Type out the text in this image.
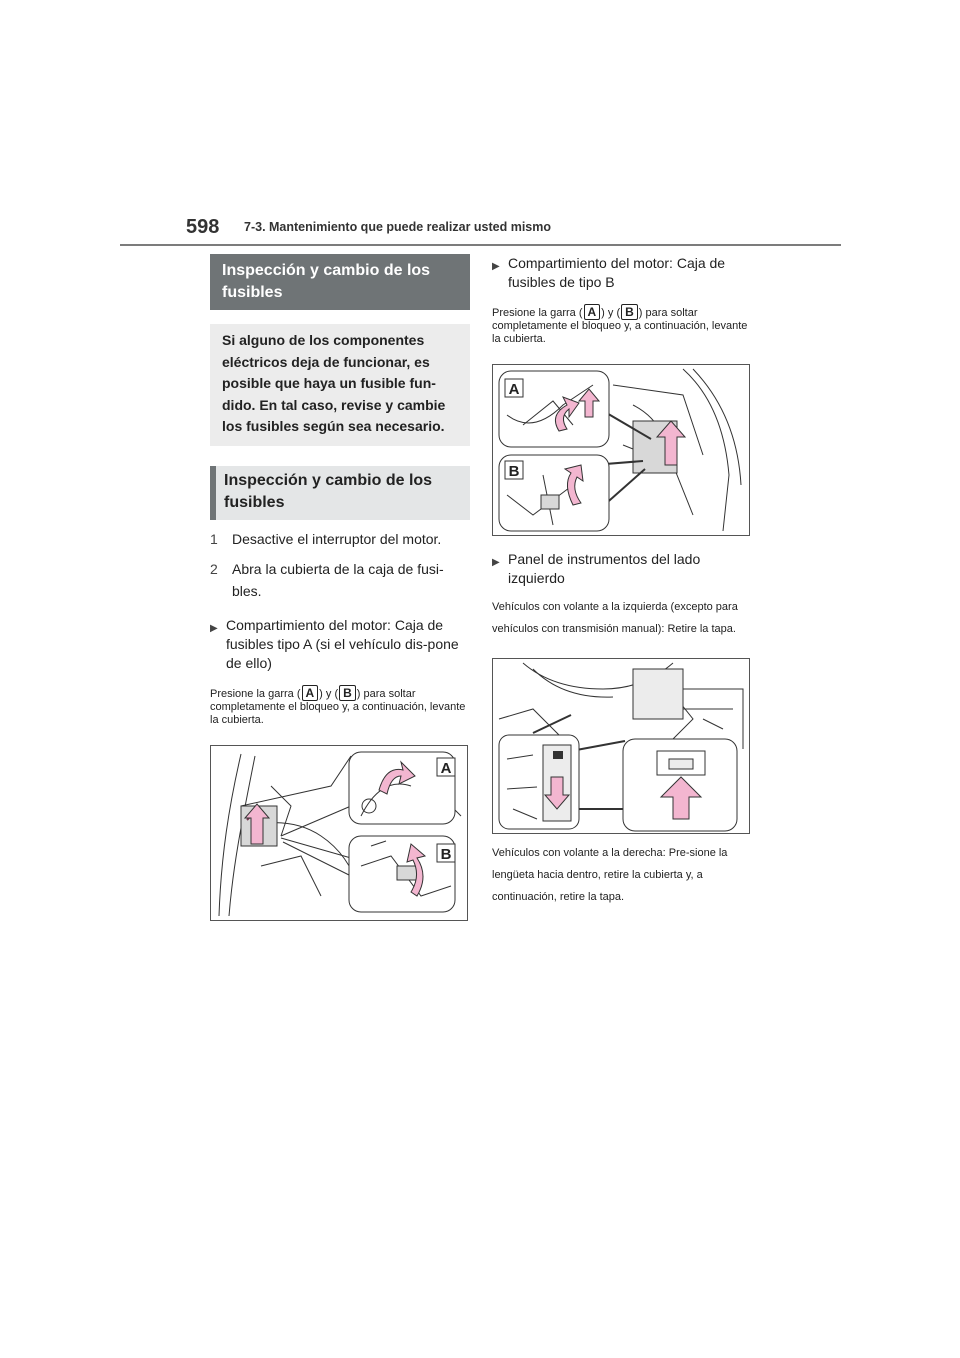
598 7-3. Mantenimiento que puede realizar usted mismo
Inspección y cambio de los fusibles
Si alguno de los componentes eléctricos deja de funcionar, es posible que haya un fusible fun-dido. En tal caso, revise y cambie los fusibles según sea necesario.
Inspección y cambio de los fusibles
1	Desactive el interruptor del motor.
2	Abra la cubierta de la caja de fusi-bles.
▶ Compartimiento del motor: Caja de fusibles tipo A (si el vehículo dis-pone de ello)
Presione la garra ( A ) y ( B ) para soltar completamente el bloqueo y, a continuación, levante la cubierta.
A
B
▶ Compartimiento del motor: Caja de fusibles de tipo B
Presione la garra ( A ) y ( B ) para soltar completamente el bloqueo y, a continuación, levante la cubierta.
A
B
▶ Panel de instrumentos del lado izquierdo
Vehículos con volante a la izquierda (excepto para vehículos con transmisión manual): Retire la tapa.
Vehículos con volante a la derecha: Pre-sione la lengüeta hacia dentro, retire la cubierta y, a continuación, retire la tapa.
